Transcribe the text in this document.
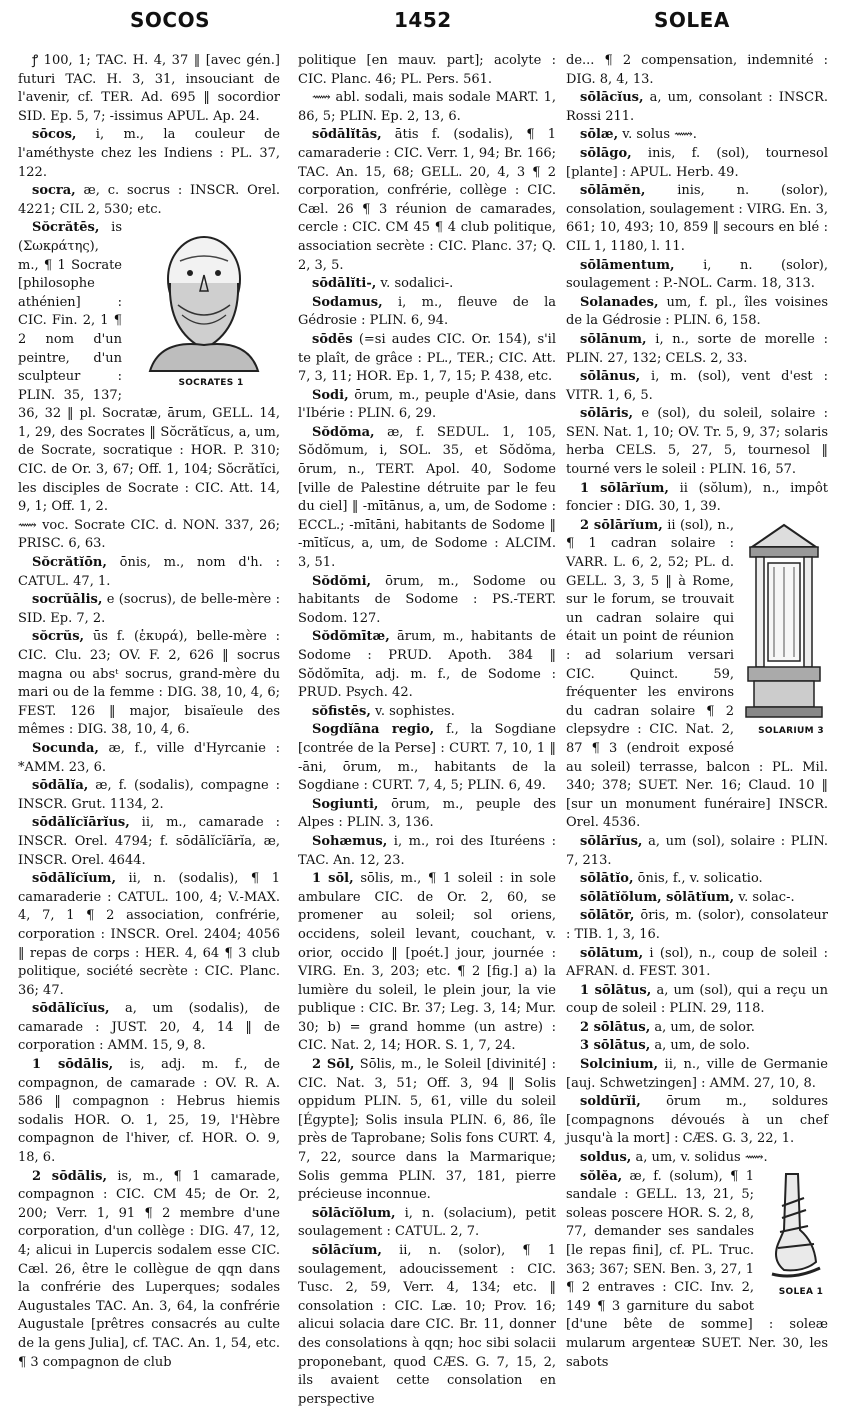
SOCOS	1452	SOLEA

ꝭ 100, 1; TAC. H. 4, 37 ‖ [avec gén.] futuri TAC. H. 3, 31, insouciant de l'avenir, cf. TER. Ad. 695 ‖ socordior SID. Ep. 5, 7; -issimus APUL. Ap. 24.

sōcos, i, m., la couleur de l'améthyste chez les Indiens : PL. 37, 122.

socra, æ, c. socrus : INSCR. Orel. 4221; CIL 2, 530; etc.

SOCRATES 1
Sŏcrătēs, is (Σωκράτης), m., ¶ 1 Socrate [philosophe athénien] : CIC. Fin. 2, 1 ¶ 2 nom d'un peintre, d'un sculpteur : PLIN. 35, 137; 36, 32 ‖ pl. Socratæ, ārum, GELL. 14, 1, 29, des Socrates ‖ Sŏcrătĭcus, a, um, de Socrate, socratique : HOR. P. 310; CIC. de Or. 3, 67; Off. 1, 104; Sŏcrătĭci, les disciples de Socrate : CIC. Att. 14, 9, 1; Off. 1, 2.

⟿ voc. Socrate CIC. d. NON. 337, 26; PRISC. 6, 63.

Sŏcrătĭōn, ōnis, m., nom d'h. : CATUL. 47, 1.

socrŭālis, e (socrus), de belle-mère : SID. Ep. 7, 2.

sŏcrŭs, ūs f. (ἑκυρά), belle-mère : CIC. Clu. 23; OV. F. 2, 626 ‖ socrus magna ou absᵗ socrus, grand-mère du mari ou de la femme : DIG. 38, 10, 4, 6; FEST. 126 ‖ major, bisaïeule des mêmes : DIG. 38, 10, 4, 6.

Socunda, æ, f., ville d'Hyrcanie : *AMM. 23, 6.

sōdālĭa, æ, f. (sodalis), compagne : INSCR. Grut. 1134, 2.

sōdālĭcĭārĭus, ii, m., camarade : INSCR. Orel. 4794; f. sōdālĭcĭārĭa, æ, INSCR. Orel. 4644.

sōdālĭcĭum, ii, n. (sodalis), ¶ 1 camaraderie : CATUL. 100, 4; V.-MAX. 4, 7, 1 ¶ 2 association, confrérie, corporation : INSCR. Orel. 2404; 4056 ‖ repas de corps : HER. 4, 64 ¶ 3 club politique, société secrète : CIC. Planc. 36; 47.

sōdālĭcĭus, a, um (sodalis), de camarade : JUST. 20, 4, 14 ‖ de corporation : AMM. 15, 9, 8.

1 sōdālis, is, adj. m. f., de compagnon, de camarade : OV. R. A. 586 ‖ compagnon : Hebrus hiemis sodalis HOR. O. 1, 25, 19, l'Hèbre compagnon de l'hiver, cf. HOR. O. 9, 18, 6.

2 sōdālis, is, m., ¶ 1 camarade, compagnon : CIC. CM 45; de Or. 2, 200; Verr. 1, 91 ¶ 2 membre d'une corporation, d'un collège : DIG. 47, 12, 4; alicui in Lupercis sodalem esse CIC. Cæl. 26, être le collègue de qqn dans la confrérie des Luperques; sodales Augustales TAC. An. 3, 64, la confrérie Augustale [prêtres consacrés au culte de la gens Julia], cf. TAC. An. 1, 54, etc. ¶ 3 compagnon de club

politique [en mauv. part]; acolyte : CIC. Planc. 46; PL. Pers. 561.

⟿ abl. sodali, mais sodale MART. 1, 86, 5; PLIN. Ep. 2, 13, 6.

sōdālĭtās, ātis f. (sodalis), ¶ 1 camaraderie : CIC. Verr. 1, 94; Br. 166; TAC. An. 15, 68; GELL. 20, 4, 3 ¶ 2 corporation, confrérie, collège : CIC. Cæl. 26 ¶ 3 réunion de camarades, cercle : CIC. CM 45 ¶ 4 club politique, association secrète : CIC. Planc. 37; Q. 2, 3, 5.

sōdālĭti-, v. sodalici-.

Sodamus, i, m., fleuve de la Gédrosie : PLIN. 6, 94.

sōdēs (=si audes CIC. Or. 154), s'il te plaît, de grâce : PL., TER.; CIC. Att. 7, 3, 11; HOR. Ep. 1, 7, 15; P. 438, etc.

Sodi, ōrum, m., peuple d'Asie, dans l'Ibérie : PLIN. 6, 29.

Sŏdŏma, æ, f. SEDUL. 1, 105, Sŏdŏmum, i, SOL. 35, et Sŏdŏma, ōrum, n., TERT. Apol. 40, Sodome [ville de Palestine détruite par le feu du ciel] ‖ -mītānus, a, um, de Sodome : ECCL.; -mītāni, habitants de Sodome ‖ -mītĭcus, a, um, de Sodome : ALCIM. 3, 51.

Sŏdŏmi, ōrum, m., Sodome ou habitants de Sodome : PS.-TERT. Sodom. 127.

Sŏdŏmītæ, ārum, m., habitants de Sodome : PRUD. Apoth. 384 ‖ Sŏdŏmīta, adj. m. f., de Sodome : PRUD. Psych. 42.

sŏfistēs, v. sophistes.

Sogdĭāna regio, f., la Sogdiane [contrée de la Perse] : CURT. 7, 10, 1 ‖ -āni, ōrum, m., habitants de la Sogdiane : CURT. 7, 4, 5; PLIN. 6, 49.

Sogiunti, ōrum, m., peuple des Alpes : PLIN. 3, 136.

Sohæmus, i, m., roi des Ituréens : TAC. An. 12, 23.

1 sōl, sōlis, m., ¶ 1 soleil : in sole ambulare CIC. de Or. 2, 60, se promener au soleil; sol oriens, occidens, soleil levant, couchant, v. orior, occido ‖ [poét.] jour, journée : VIRG. En. 3, 203; etc. ¶ 2 [fig.] a) la lumière du soleil, le plein jour, la vie publique : CIC. Br. 37; Leg. 3, 14; Mur. 30; b) = grand homme (un astre) : CIC. Nat. 2, 14; HOR. S. 1, 7, 24.

2 Sōl, Sōlis, m., le Soleil [divinité] : CIC. Nat. 3, 51; Off. 3, 94 ‖ Solis oppidum PLIN. 5, 61, ville du soleil [Égypte]; Solis insula PLIN. 6, 86, île près de Taprobane; Solis fons CURT. 4, 7, 22, source dans la Marmarique; Solis gemma PLIN. 37, 181, pierre précieuse inconnue.

sōlācĭŏlum, i, n. (solacium), petit soulagement : CATUL. 2, 7.

sōlācĭum, ii, n. (solor), ¶ 1 soulagement, adoucissement : CIC. Tusc. 2, 59, Verr. 4, 134; etc. ‖ consolation : CIC. Læ. 10; Prov. 16; alicui solacia dare CIC. Br. 11, donner des consolations à qqn; hoc sibi solacii proponebant, quod CÆS. G. 7, 15, 2, ils avaient cette consolation en perspective

de... ¶ 2 compensation, indemnité : DIG. 8, 4, 13.

sōlācĭus, a, um, consolant : INSCR. Rossi 211.

sōlæ, v. solus ⟿.

sōlāgo, inis, f. (sol), tournesol [plante] : APUL. Herb. 49.

sōlāmĕn, inis, n. (solor), consolation, soulagement : VIRG. En. 3, 661; 10, 493; 10, 859 ‖ secours en blé : CIL 1, 1180, l. 11.

sōlāmentum, i, n. (solor), soulagement : P.-NOL. Carm. 18, 313.

Solanades, um, f. pl., îles voisines de la Gédrosie : PLIN. 6, 158.

sōlānum, i, n., sorte de morelle : PLIN. 27, 132; CELS. 2, 33.

sōlānus, i, m. (sol), vent d'est : VITR. 1, 6, 5.

sōlāris, e (sol), du soleil, solaire : SEN. Nat. 1, 10; OV. Tr. 5, 9, 37; solaris herba CELS. 5, 27, 5, tournesol ‖ tourné vers le soleil : PLIN. 16, 57.

1 sōlārĭum, ii (sŏlum), n., impôt foncier : DIG. 30, 1, 39.

SOLARIUM 3
2 sōlārĭum, ii (sol), n., ¶ 1 cadran solaire : VARR. L. 6, 2, 52; PL. d. GELL. 3, 3, 5 ‖ à Rome, sur le forum, se trouvait un cadran solaire qui était un point de réunion : ad solarium versari CIC. Quinct. 59, fréquenter les environs du cadran solaire ¶ 2 clepsydre : CIC. Nat. 2, 87 ¶ 3 (endroit exposé au soleil) terrasse, balcon : PL. Mil. 340; 378; SUET. Ner. 16; Claud. 10 ‖ [sur un monument funéraire] INSCR. Orel. 4536.

sōlārĭus, a, um (sol), solaire : PLIN. 7, 213.

sōlātĭo, ōnis, f., v. solicatio.

sōlātĭŏlum, sōlātĭum, v. solac-.

sōlātŏr, ōris, m. (solor), consolateur : TIB. 1, 3, 16.

sōlātum, i (sol), n., coup de soleil : AFRAN. d. FEST. 301.

1 sōlātus, a, um (sol), qui a reçu un coup de soleil : PLIN. 29, 118.

2 sōlātus, a, um, de solor.

3 sōlātus, a, um, de solo.

Solcinium, ii, n., ville de Germanie [auj. Schwetzingen] : AMM. 27, 10, 8.

soldūrĭi, ōrum m., soldures [compagnons dévoués à un chef jusqu'à la mort] : CÆS. G. 3, 22, 1.

soldus, a, um, v. solidus ⟿.

SOLEA 1
sŏlĕa, æ, f. (solum), ¶ 1 sandale : GELL. 13, 21, 5; soleas poscere HOR. S. 2, 8, 77, demander ses sandales [le repas fini], cf. PL. Truc. 363; 367; SEN. Ben. 3, 27, 1 ¶ 2 entraves : CIC. Inv. 2, 149 ¶ 3 garniture du sabot [d'une bête de somme] : soleæ mularum argenteæ SUET. Ner. 30, les sabots
